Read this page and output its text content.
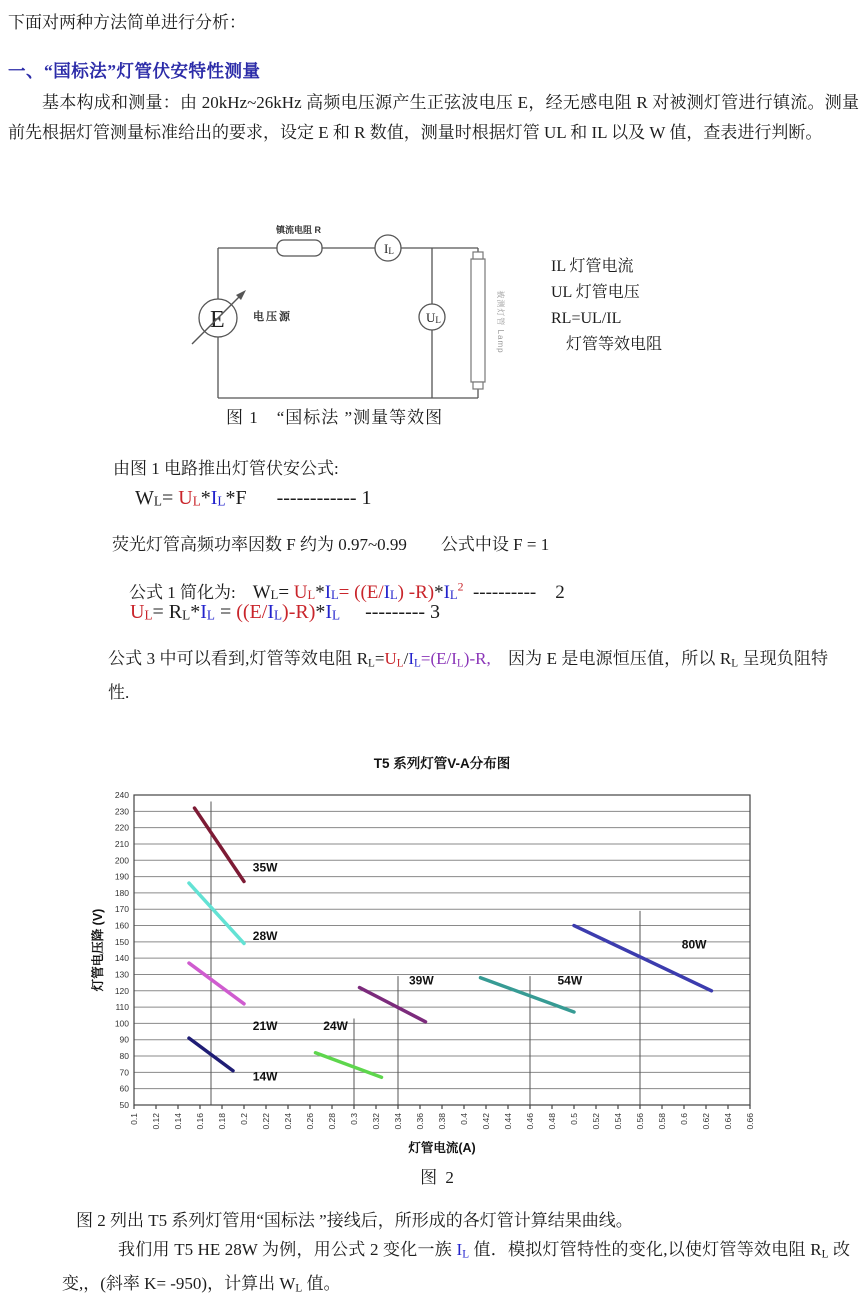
下面对两种方法简单进行分析：
一、“国标法”灯管伏安特性测量
基本构成和测量：由 20kHz~26kHz 高频电压源产生正弦波电压 E，经无感电阻 R 对被测灯管进行镇流。测量前先根据灯管测量标准给出的要求，设定 E 和 R 数值，测量时根据灯管 UL 和 IL 以及 W 值，查表进行判断。
镇流电阻 R
IL
UL
E	电压源	被测灯管 Lamp
图 1　“国标法 ”测量等效图
IL 灯管电流
UL 灯管电压
RL=UL/IL
灯管等效电阻
由图 1 电路推出灯管伏安公式:
WL= UL*IL*F      ------------ 1
荧光灯管高频功率因数 F 约为 0.97~0.99　　公式中设 F = 1

公式 1 简化为:　WL= UL*IL= ((E/IL) $-R)*IL^2$  ----------    2

UL= RL*IL = ((E/IL)-R)*IL     --------- 3
公式 3 中可以看到,灯管等效电阻 RL=UL/IL=(E/IL)-R,　因为 E 是电源恒压值，所以 RL 呈现负阻特性.
T5 系列灯管V-A分布图
50
60
70
80
90
100
110
120
130
140
150
160
170
180
190
200
210
220
230
240
0.1 0.12 0.14 0.16 0.18 0.2 0.22 0.24 0.26 0.28 0.3 0.32 0.34 0.36 0.38 0.4 0.42 0.44 0.46 0.48 0.5 0.52 0.54 0.56 0.58 0.6 0.62 0.64 0.66
35W
28W
21W
14W
24W
39W	54W
80W
灯管电流(A)
灯管电压降 (V)
图 2
图 2 列出 T5 系列灯管用“国标法 ”接线后，所形成的各灯管计算结果曲线。
我们用 T5 HE 28W 为例，用公式 2 变化一族 IL 值．模拟灯管特性的变化,以使灯管等效电阻 RL 改变,，(斜率 K= -950)，计算出 WL 值。
